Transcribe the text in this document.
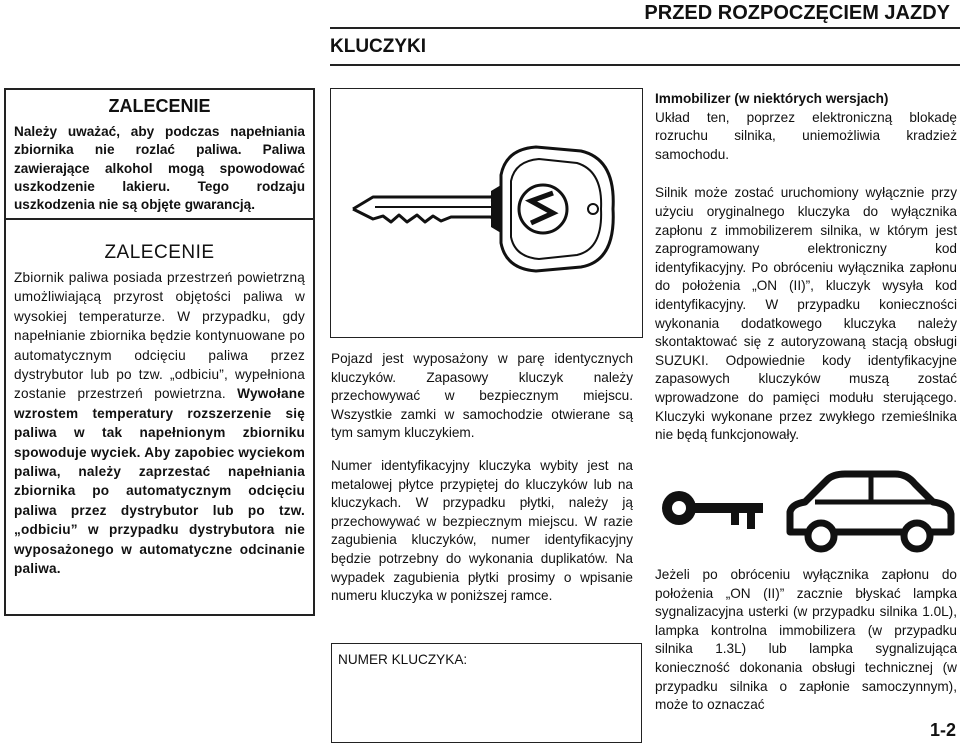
PRZED ROZPOCZĘCIEM JAZDY
KLUCZYKI

ZALECENIE

Należy uważać, aby podczas napełniania zbiornika nie rozlać paliwa. Paliwa zawierające alkohol mogą spowodować uszkodzenie lakieru. Tego rodzaju uszkodzenia nie są objęte gwarancją.

ZALECENIE

Zbiornik paliwa posiada przestrzeń powietrzną umożliwiającą przyrost objętości paliwa w wysokiej temperaturze. W przypadku, gdy napełnianie zbiornika będzie kontynuowane po automatycznym odcięciu paliwa przez dystrybutor lub po tzw. „odbiciu”, wypełniona zostanie przestrzeń powietrzna. Wywołane wzrostem temperatury rozszerzenie się paliwa w tak napełnionym zbiorniku spowoduje wyciek. Aby zapobiec wyciekom paliwa, należy zaprzestać napełniania zbiornika po automatycznym odcięciu paliwa przez dystrybutor lub po tzw. „odbiciu” w przypadku dystrybutora nie wyposażonego w automatyczne odcinanie paliwa.

Pojazd jest wyposażony w parę identycznych kluczyków. Zapasowy kluczyk należy przechowywać w bezpiecznym miejscu. Wszystkie zamki w samochodzie otwierane są tym samym kluczykiem.

Numer identyfikacyjny kluczyka wybity jest na metalowej płytce przypiętej do kluczyków lub na kluczykach. W przypadku płytki, należy ją przechowywać w bezpiecznym miejscu. W razie zagubienia kluczyków, numer identyfikacyjny będzie potrzebny do wykonania duplikatów. Na wypadek zagubienia płytki prosimy o wpisanie numeru kluczyka w poniższej ramce.

NUMER KLUCZYKA:

Immobilizer (w niektórych wersjach)

Układ ten, poprzez elektroniczną blokadę rozruchu silnika, uniemożliwia kradzież samochodu.

Silnik może zostać uruchomiony wyłącznie przy użyciu oryginalnego kluczyka do wyłącznika zapłonu z immobilizerem silnika, w którym jest zaprogramowany elektroniczny kod identyfikacyjny. Po obróceniu wyłącznika zapłonu do położenia „ON (II)”, kluczyk wysyła kod identyfikacyjny. W przypadku konieczności wykonania dodatkowego kluczyka należy skontaktować się z autoryzowaną stacją obsługi SUZUKI. Odpowiednie kody identyfikacyjne zapasowych kluczyków muszą zostać wprowadzone do pamięci modułu sterującego. Kluczyki wykonane przez zwykłego rzemieślnika nie będą funkcjonowały.

Jeżeli po obróceniu wyłącznika zapłonu do położenia „ON (II)” zacznie błyskać lampka sygnalizacyjna usterki (w przypadku silnika 1.0L), lampka kontrolna immobilizera (w przypadku silnika 1.3L) lub lampka sygnalizująca konieczność dokonania obsługi technicznej (w przypadku silnika o zapłonie samoczynnym), może to oznaczać

1-2
